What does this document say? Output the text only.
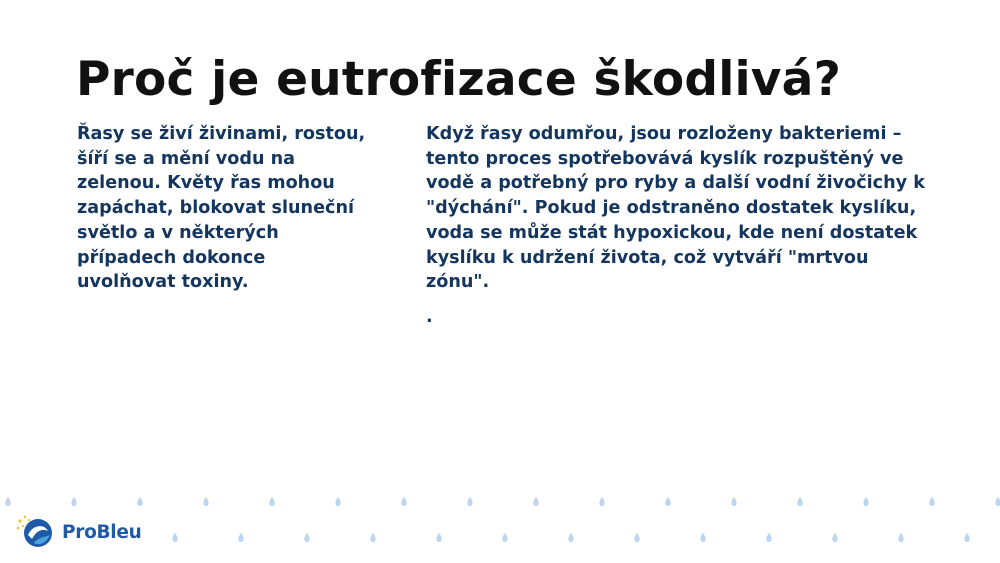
Proč je eutrofizace škodlivá?

Řasy se živí živinami, rostou, šíří se a mění vodu na zelenou. Květy řas mohou zapáchat, blokovat sluneční světlo a v některých případech dokonce uvolňovat toxiny.

Když řasy odumřou, jsou rozloženy bakteriemi – tento proces spotřebovává kyslík rozpuštěný ve vodě a potřebný pro ryby a další vodní živočichy k "dýchání". Pokud je odstraněno dostatek kyslíku, voda se může stát hypoxickou, kde není dostatek kyslíku k udržení života, což vytváří "mrtvou zónu".

.

ProBleu
